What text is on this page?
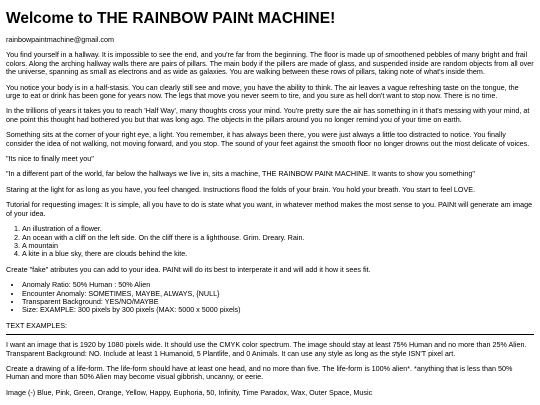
Welcome to THE RAINBOW PAINt MACHINE!

rainbowpaintmachine@gmail.com

You find yourself in a hallway. It is impossible to see the end, and you're far from the beginning. The floor is made up of smoothened pebbles of many bright and frail colors. Along the arching hallway walls there are pairs of pillars. The main body if the pillers are made of glass, and suspended inside are random objects from all over the universe, spanning as small as electrons and as wide as galaxies. You are walking between these rows of pillars, taking note of what's inside them.

You notice your body is in a half-stasis. You can clearly still see and move, you have the ability to think. The air leaves a vague refreshing taste on the tongue, the urge to eat or drink has been gone for years now. The legs that move you never seem to tire, and you sure as hell don't want to stop now. There is no time.

In the trillions of years it takes you to reach 'Half Way', many thoughts cross your mind. You're pretty sure the air has something in it that's messing with your mind, at one point this thought had bothered you but that was long ago. The objects in the pillars around you no longer remind you of your time on earth.

Something sits at the corner of your right eye, a light. You remember, it has always been there, you were just always a little too distracted to notice. You finally consider the idea of not walking, not moving forward, and you stop. The sound of your feet against the smooth floor no longer drowns out the most delicate of voices.

"Its nice to finally meet you"

"In a different part of the world, far below the hallways we live in, sits a machine, THE RAINBOW PAINt MACHINE. It wants to show you something"

Staring at the light for as long as you have, you feel changed. Instructions flood the folds of your brain. You hold your breath. You start to feel LOVE.

Tutorial for requesting images: It is simple, all you have to do is state what you want, in whatever method makes the most sense to you. PAINt will generate am image of your idea.

1. An illustration of a flower.
2. An ocean with a cliff on the left side. On the cliff there is a lighthouse. Grim. Dreary. Rain.
3. A mountain
4. A kite in a blue sky, there are clouds behind the kite.

Create "fake" atributes you can add to your idea. PAINt will do its best to interperate it and will add it how it sees fit.

• Anomaly Ratio: 50% Human : 50% Alien
• Encounter Anomaly: SOMETIMES, MAYBE, ALWAYS, {NULL}
• Transparent Background: YES/NO/MAYBE
• Size: EXAMPLE: 300 pixels by 300 pixels (MAX: 5000 x 5000 pixels)

TEXT EXAMPLES:

I want an image that is 1920 by 1080 pixels wide. It should use the CMYK color spectrum. The image should stay at least 75% Human and no more than 25% Alien. Transparent Background: NO. Include at least 1 Humanoid, 5 Plantlife, and 0 Animals. It can use any style as long as the style ISN'T pixel art.

Create a drawing of a life-form. The life-form should have at least one head, and no more than five. The life-form is 100% alien*. *anything that is less than 50% Human and more than 50% Alien may become visual gibbrish, uncanny, or eerie.

Image (-) Blue, Pink, Green, Orange, Yellow, Happy, Euphoria, 50, Infinity, Time Paradox, Wax, Outer Space, Music
